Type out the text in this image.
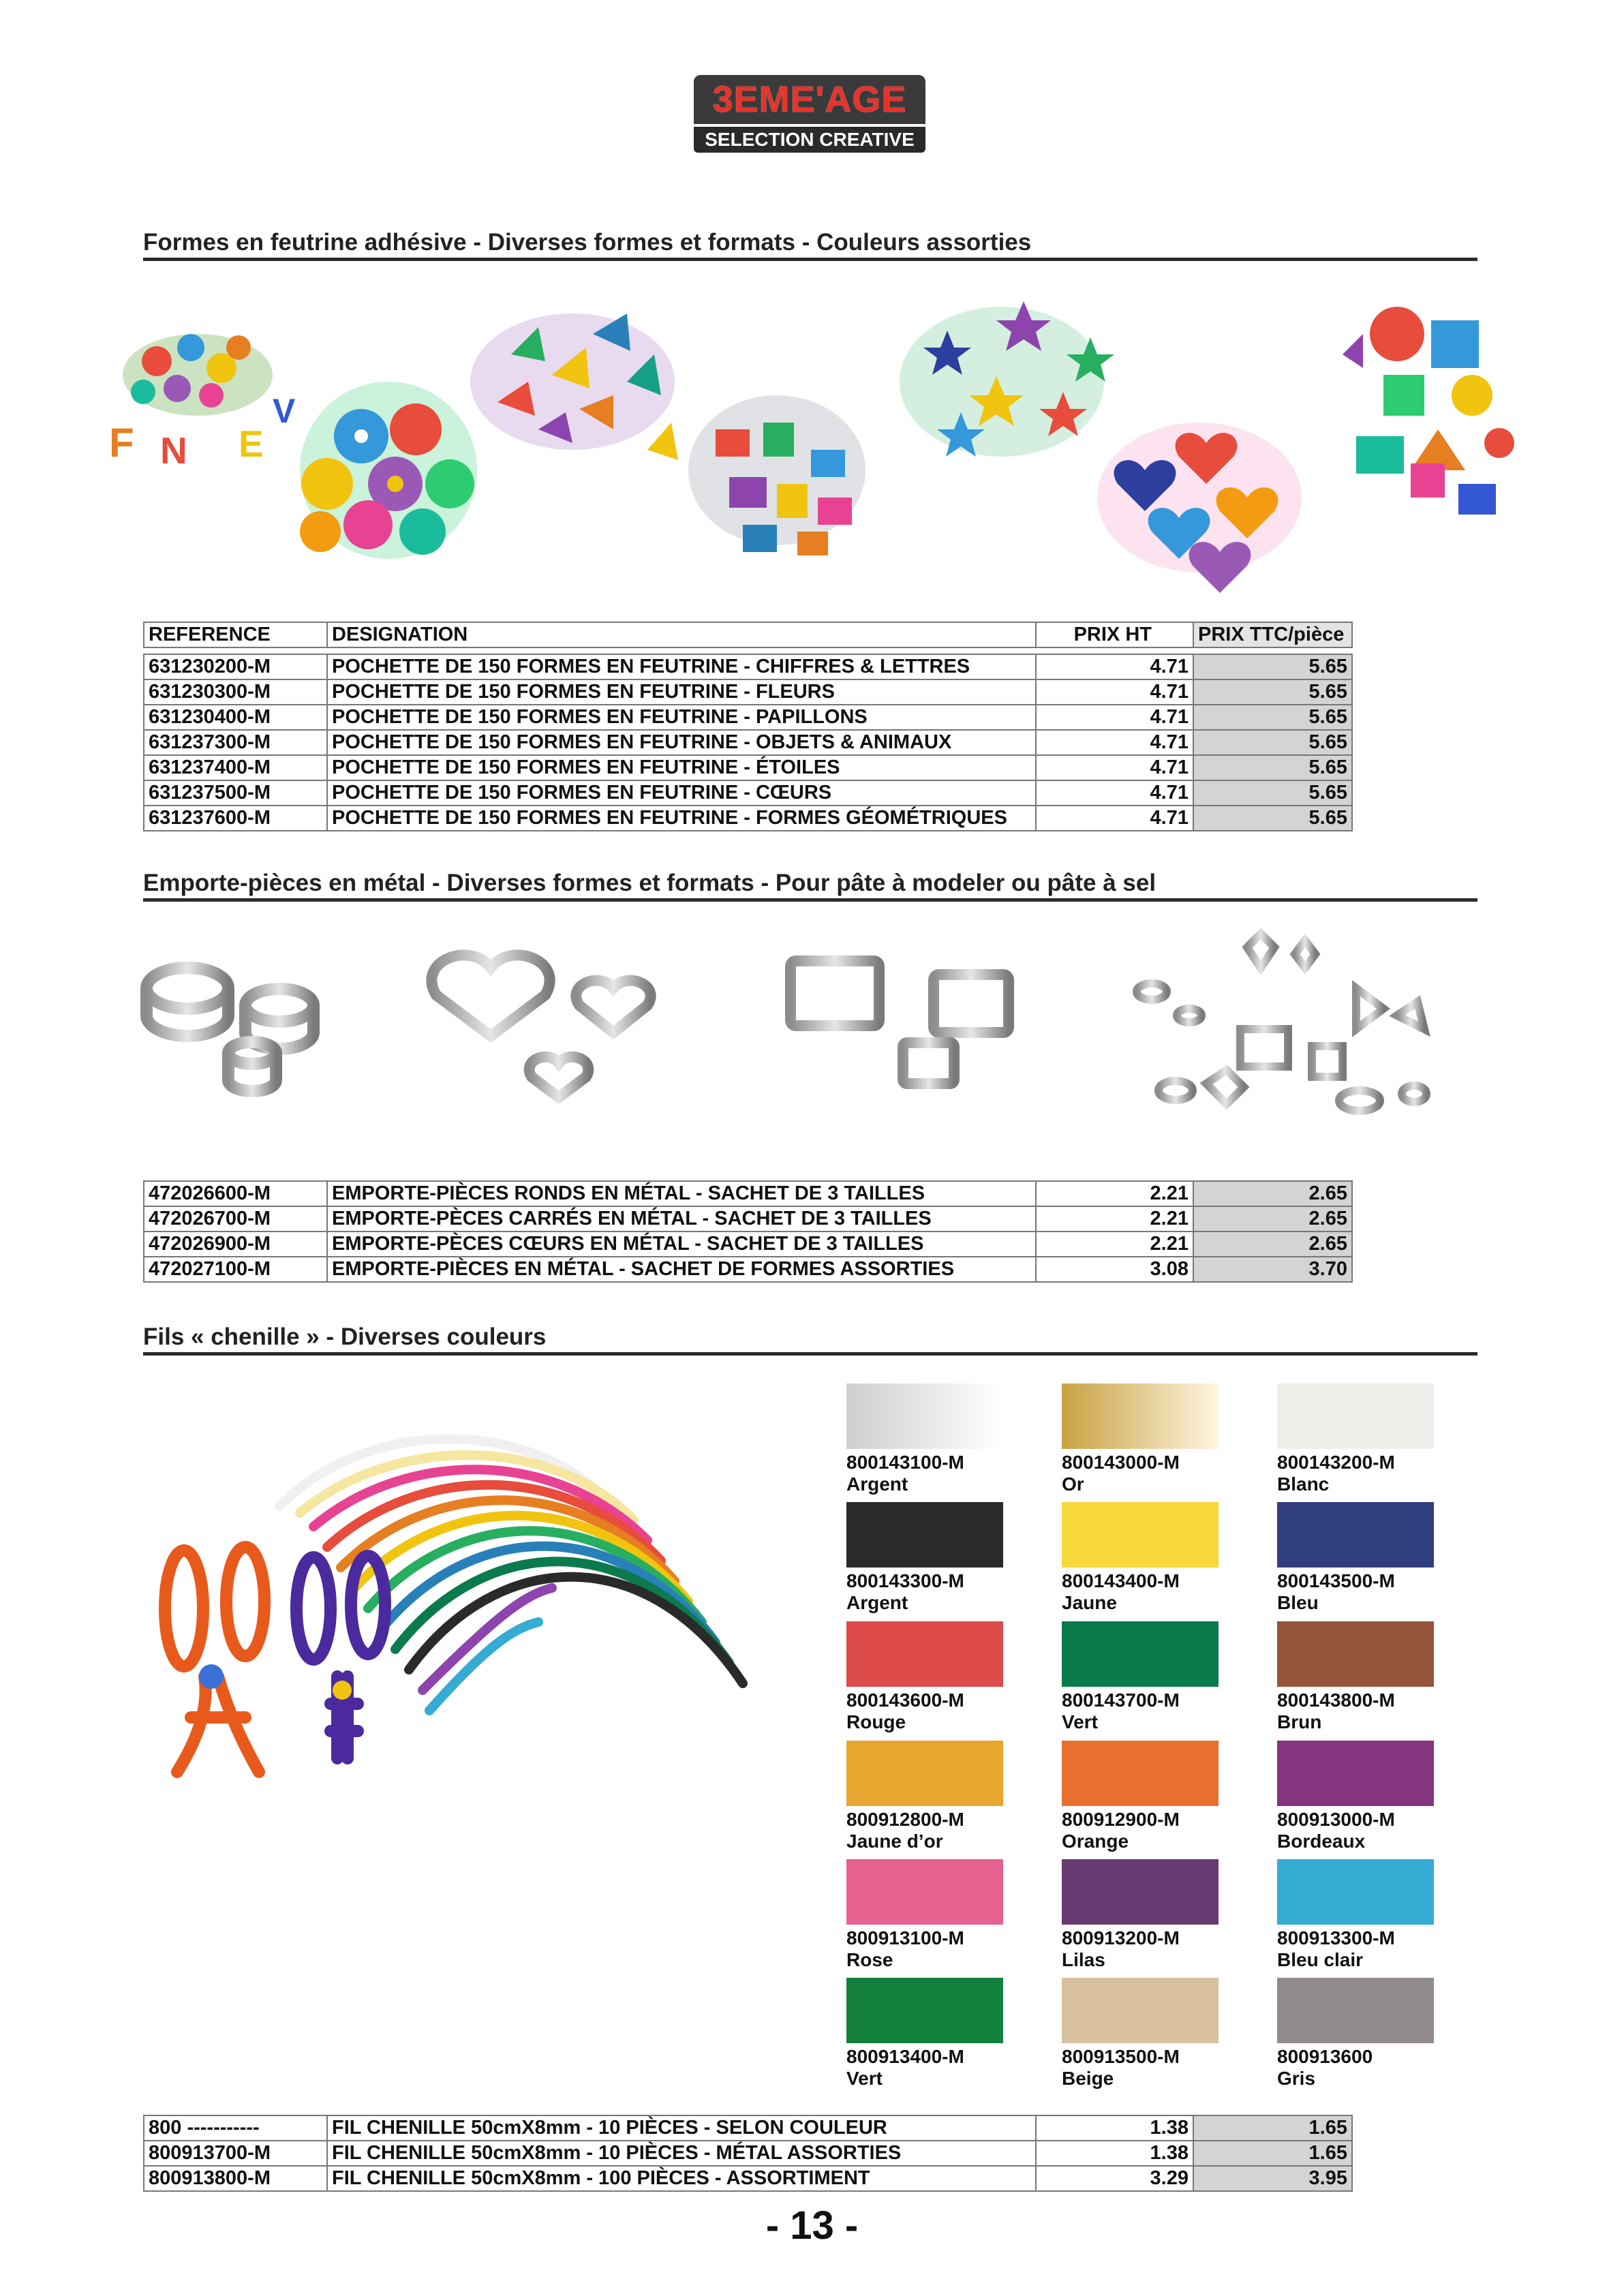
3EME'AGE
SELECTION CREATIVE
Formes en feutrine adhésive - Diverses formes et formats - Couleurs assorties
F N E
V
REFERENCE	DESIGNATION	PRIX HT	PRIX TTC/pièce

631230200-M	POCHETTE DE 150 FORMES EN FEUTRINE - CHIFFRES & LETTRES	4.71	5.65
631230300-M	POCHETTE DE 150 FORMES EN FEUTRINE - FLEURS	4.71	5.65
631230400-M	POCHETTE DE 150 FORMES EN FEUTRINE - PAPILLONS	4.71	5.65
631237300-M	POCHETTE DE 150 FORMES EN FEUTRINE - OBJETS & ANIMAUX	4.71	5.65
631237400-M	POCHETTE DE 150 FORMES EN FEUTRINE - ÉTOILES	4.71	5.65
631237500-M	POCHETTE DE 150 FORMES EN FEUTRINE - CŒURS	4.71	5.65
631237600-M	POCHETTE DE 150 FORMES EN FEUTRINE - FORMES GÉOMÉTRIQUES	4.71	5.65
Emporte-pièces en métal - Diverses formes et formats - Pour pâte à modeler ou pâte à sel
472026600-M	EMPORTE-PIÈCES RONDS EN MÉTAL - SACHET DE 3 TAILLES	2.21	2.65
472026700-M	EMPORTE-PÈCES CARRÉS EN MÉTAL - SACHET DE 3 TAILLES	2.21	2.65
472026900-M	EMPORTE-PÈCES CŒURS EN MÉTAL - SACHET DE 3 TAILLES	2.21	2.65
472027100-M	EMPORTE-PIÈCES EN MÉTAL - SACHET DE FORMES ASSORTIES	3.08	3.70
Fils « chenille » - Diverses couleurs
800143100-M
Argent
800143000-M
Or
800143200-M
Blanc
800143300-M
Argent
800143400-M
Jaune
800143500-M
Bleu
800143600-M
Rouge
800143700-M
Vert
800143800-M
Brun
800912800-M
Jaune d’or
800912900-M
Orange
800913000-M
Bordeaux
800913100-M
Rose
800913200-M
Lilas
800913300-M
Bleu clair
800913400-M
Vert
800913500-M
Beige
800913600
Gris
800 -----------	FIL CHENILLE 50cmX8mm - 10 PIÈCES - SELON COULEUR	1.38	1.65
800913700-M	FIL CHENILLE 50cmX8mm - 10 PIÈCES - MÉTAL ASSORTIES	1.38	1.65
800913800-M	FIL CHENILLE 50cmX8mm - 100 PIÈCES - ASSORTIMENT	3.29	3.95
- 13 -
